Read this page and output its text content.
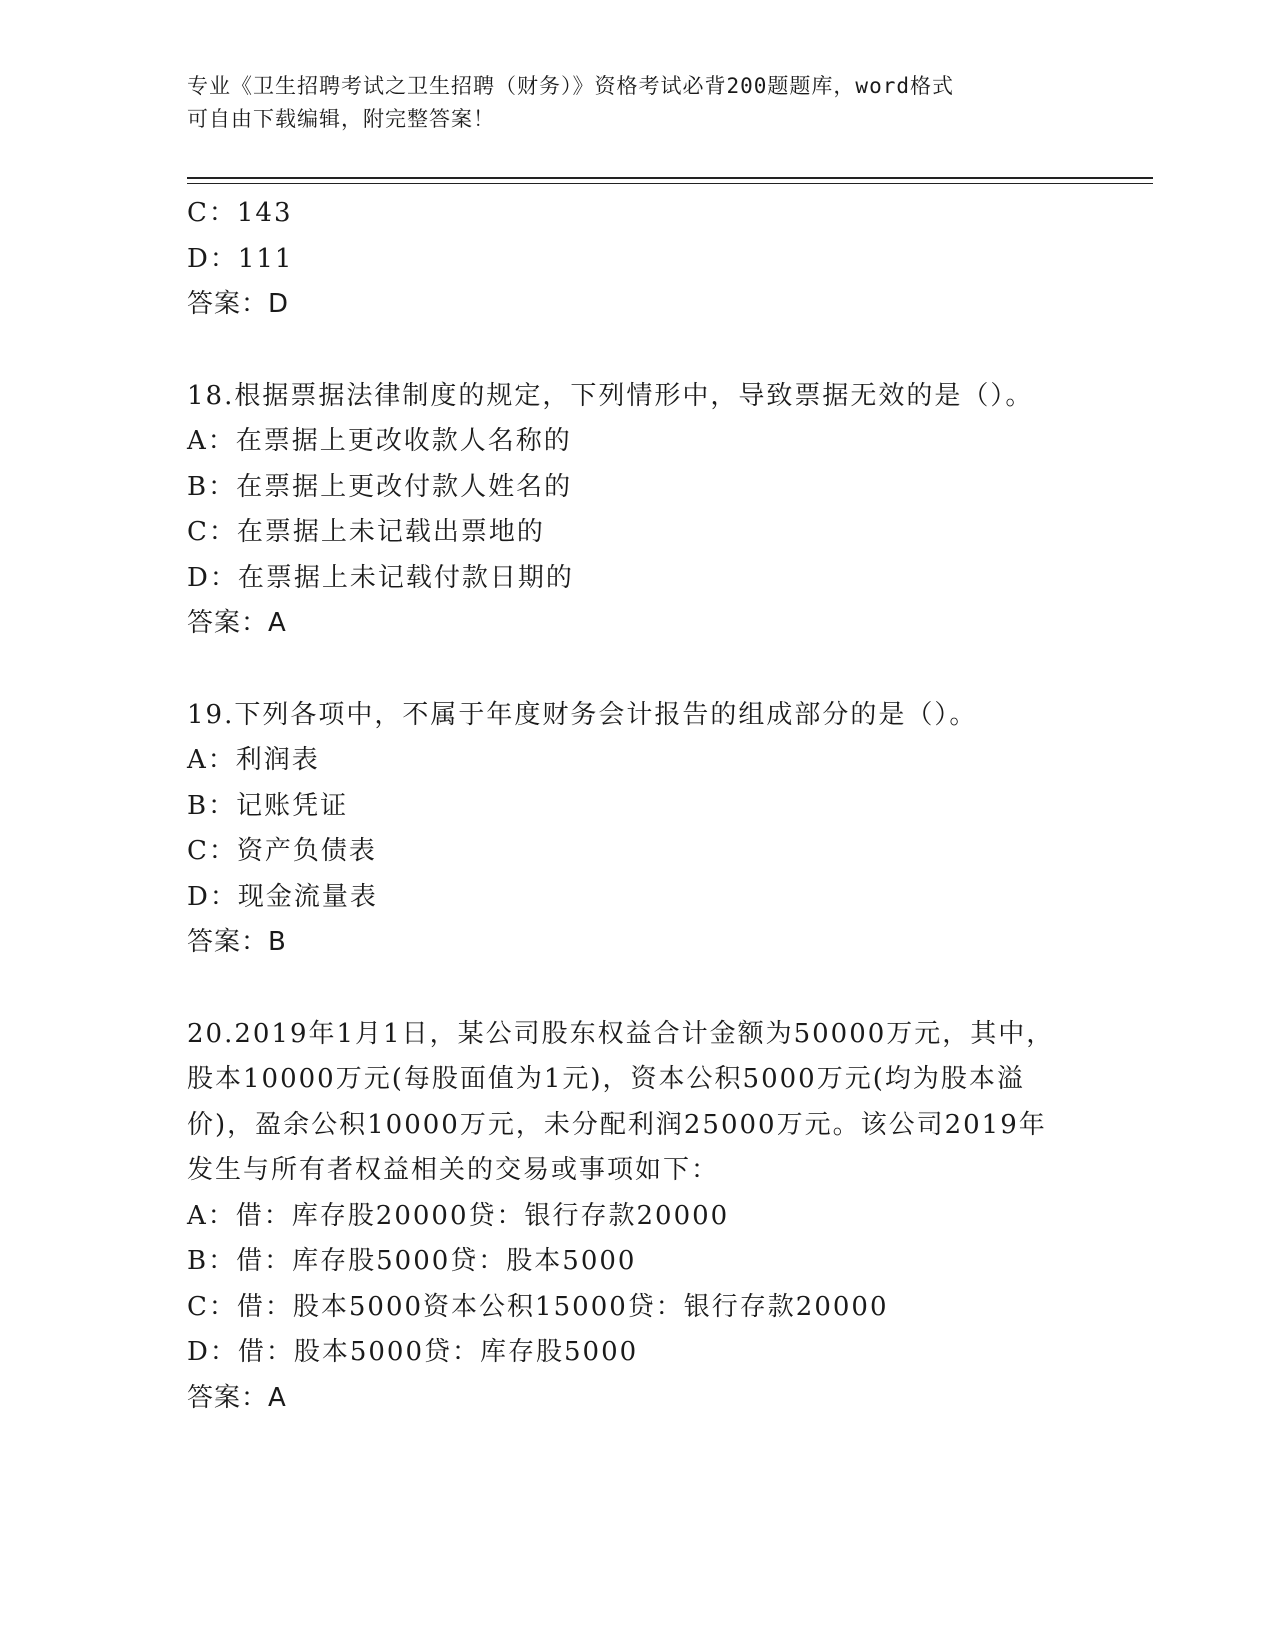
专业《卫生招聘考试之卫生招聘（财务）》资格考试必背200题题库，word格式
可自由下载编辑，附完整答案！
C：143
D：111
答案：D
18.根据票据法律制度的规定，下列情形中，导致票据无效的是（）。
A：在票据上更改收款人名称的
B：在票据上更改付款人姓名的
C：在票据上未记载出票地的
D：在票据上未记载付款日期的
答案：A
19.下列各项中，不属于年度财务会计报告的组成部分的是（）。
A：利润表
B：记账凭证
C：资产负债表
D：现金流量表
答案：B
20.2019年1月1日，某公司股东权益合计金额为50000万元，其中，
股本10000万元(每股面值为1元)，资本公积5000万元(均为股本溢
价)，盈余公积10000万元，未分配利润25000万元。该公司2019年
发生与所有者权益相关的交易或事项如下：
A：借：库存股20000贷：银行存款20000
B：借：库存股5000贷：股本5000
C：借：股本5000资本公积15000贷：银行存款20000
D：借：股本5000贷：库存股5000
答案：A
